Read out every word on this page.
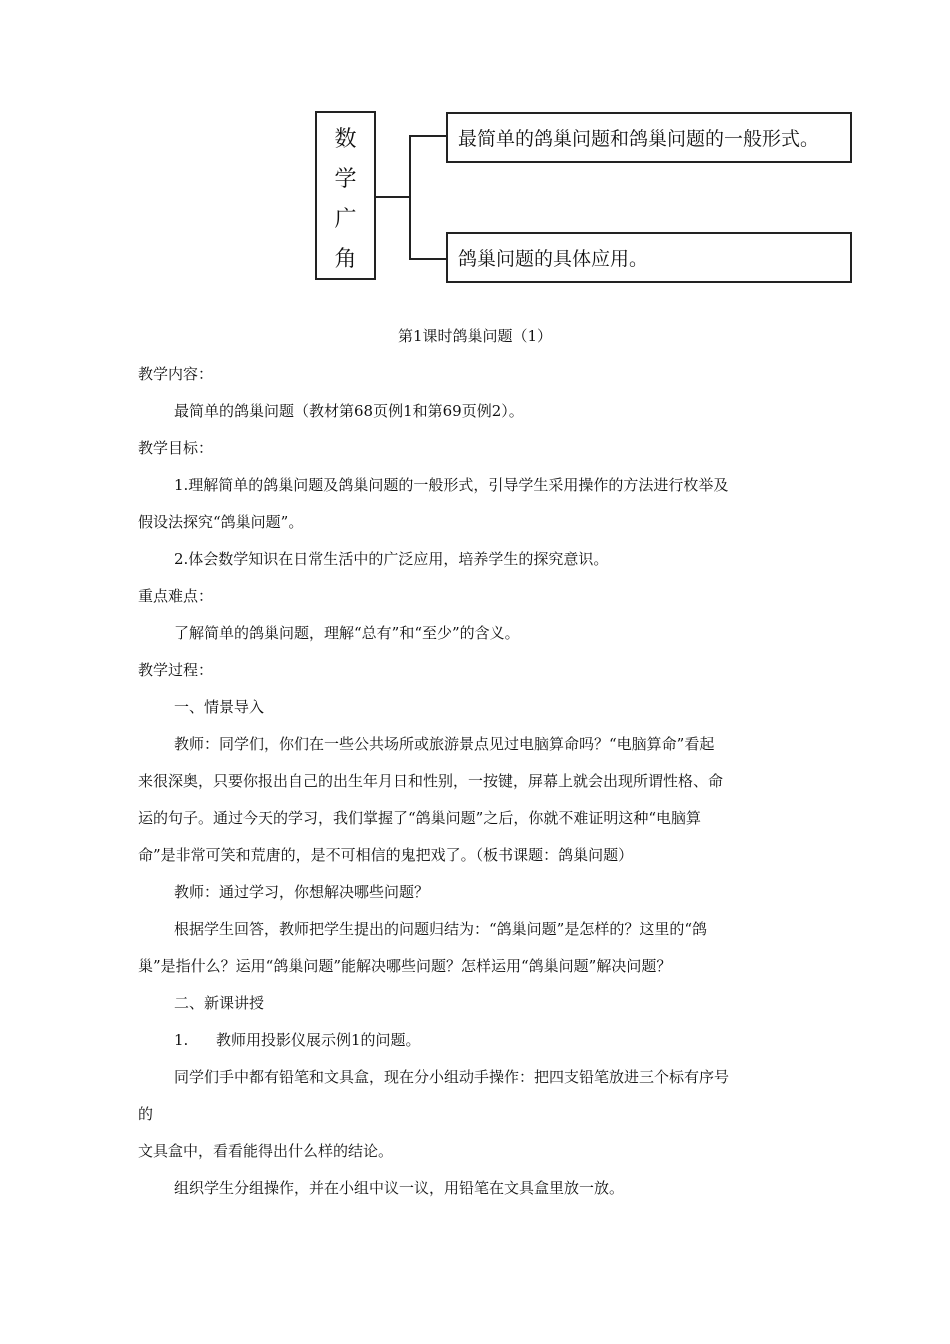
数
学
广
角
最简单的鸽巢问题和鸽巢问题的一般形式。
鸽巢问题的具体应用。
第1课时鸽巢问题（1）
教学内容：
最简单的鸽巢问题（教材第68页例1和第69页例2）。
教学目标：
1.理解简单的鸽巢问题及鸽巢问题的一般形式，引导学生采用操作的方法进行枚举及
假设法探究“鸽巢问题”。
2.体会数学知识在日常生活中的广泛应用，培养学生的探究意识。
重点难点：
了解简单的鸽巢问题，理解“总有”和“至少”的含义。
教学过程：
一、情景导入
教师：同学们，你们在一些公共场所或旅游景点见过电脑算命吗？“电脑算命”看起
来很深奥，只要你报出自己的出生年月日和性别，一按键，屏幕上就会出现所谓性格、命
运的句子。通过今天的学习，我们掌握了“鸽巢问题”之后，你就不难证明这种“电脑算
命”是非常可笑和荒唐的，是不可相信的鬼把戏了。（板书课题：鸽巢问题）
教师：通过学习，你想解决哪些问题？
根据学生回答，教师把学生提出的问题归结为：“鸽巢问题”是怎样的？这里的“鸽
巢”是指什么？运用“鸽巢问题”能解决哪些问题？怎样运用“鸽巢问题”解决问题？
二、新课讲授
1.	教师用投影仪展示例1的问题。
同学们手中都有铅笔和文具盒，现在分小组动手操作：把四支铅笔放进三个标有序号
的
文具盒中，看看能得出什么样的结论。
组织学生分组操作，并在小组中议一议，用铅笔在文具盒里放一放。
